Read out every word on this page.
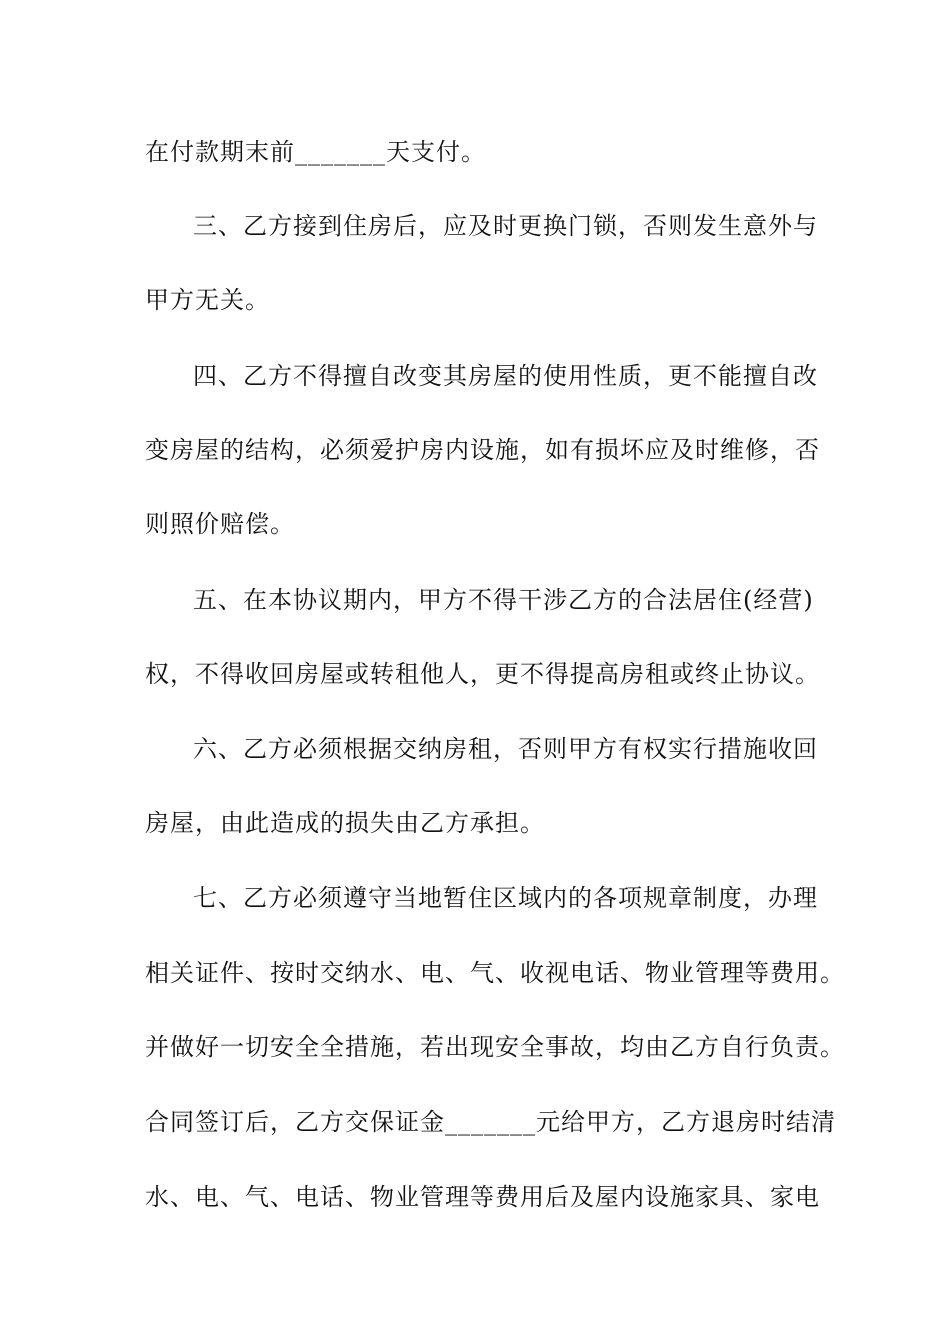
在付款期末前_______天支付。
三、乙方接到住房后，应及时更换门锁，否则发生意外与
甲方无关。
四、乙方不得擅自改变其房屋的使用性质，更不能擅自改
变房屋的结构，必须爱护房内设施，如有损坏应及时维修，否
则照价赔偿。
五、在本协议期内，甲方不得干涉乙方的合法居住(经营)
权，不得收回房屋或转租他人，更不得提高房租或终止协议。
六、乙方必须根据交纳房租，否则甲方有权实行措施收回
房屋，由此造成的损失由乙方承担。
七、乙方必须遵守当地暂住区域内的各项规章制度，办理
相关证件、按时交纳水、电、气、收视电话、物业管理等费用。
并做好一切安全全措施，若出现安全事故，均由乙方自行负责。
合同签订后，乙方交保证金_______元给甲方，乙方退房时结清
水、电、气、电话、物业管理等费用后及屋内设施家具、家电
